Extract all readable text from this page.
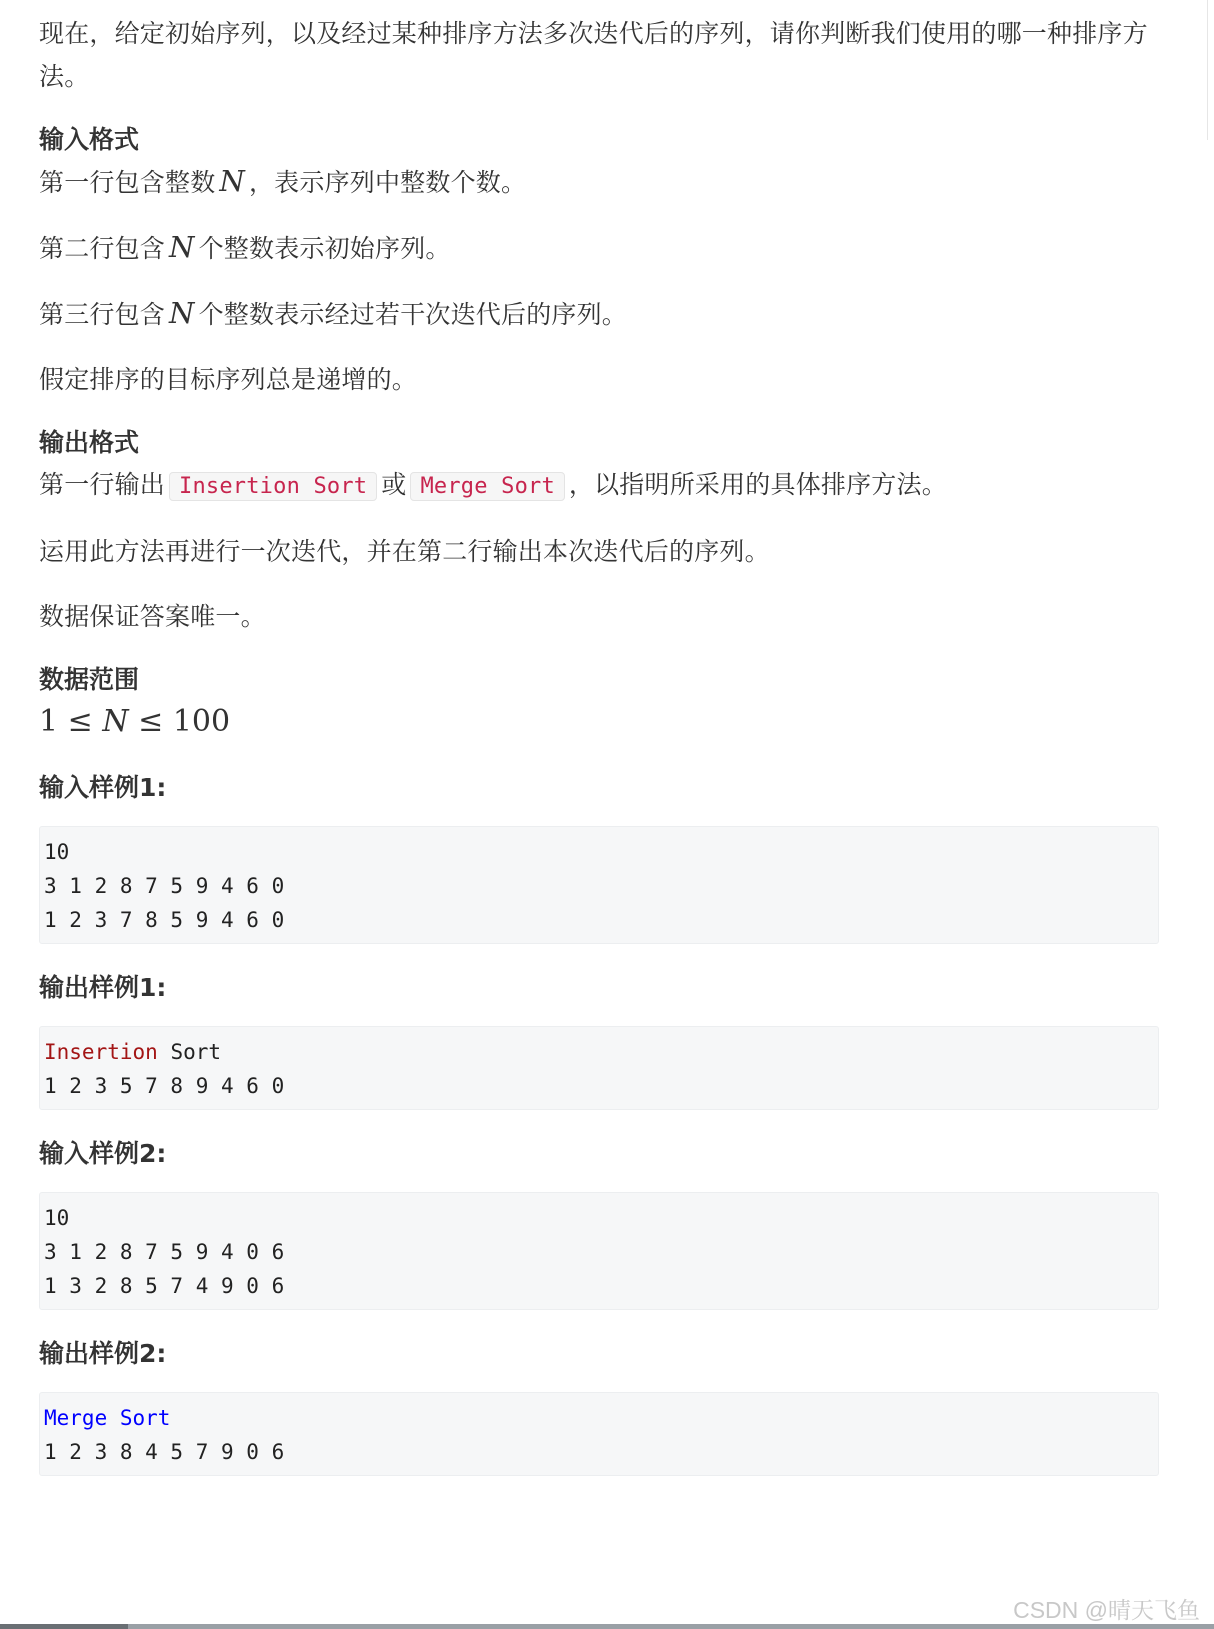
现在，给定初始序列，以及经过某种排序方法多次迭代后的序列，请你判断我们使用的哪一种排序方法。

输入格式

第一行包含整数 N ，表示序列中整数个数。

第二行包含 N 个整数表示初始序列。

第三行包含 N 个整数表示经过若干次迭代后的序列。

假定排序的目标序列总是递增的。

输出格式

第一行输出 Insertion Sort 或 Merge Sort ，以指明所采用的具体排序方法。

运用此方法再进行一次迭代，并在第二行输出本次迭代后的序列。

数据保证答案唯一。

数据范围

1 ≤ N ≤ 100

输入样例1:
10
3 1 2 8 7 5 9 4 6 0
1 2 3 7 8 5 9 4 6 0
输出样例1:
Insertion Sort
1 2 3 5 7 8 9 4 6 0
输入样例2:
10
3 1 2 8 7 5 9 4 0 6
1 3 2 8 5 7 4 9 0 6
输出样例2:
Merge Sort
1 2 3 8 4 5 7 9 0 6
CSDN @晴天飞鱼
